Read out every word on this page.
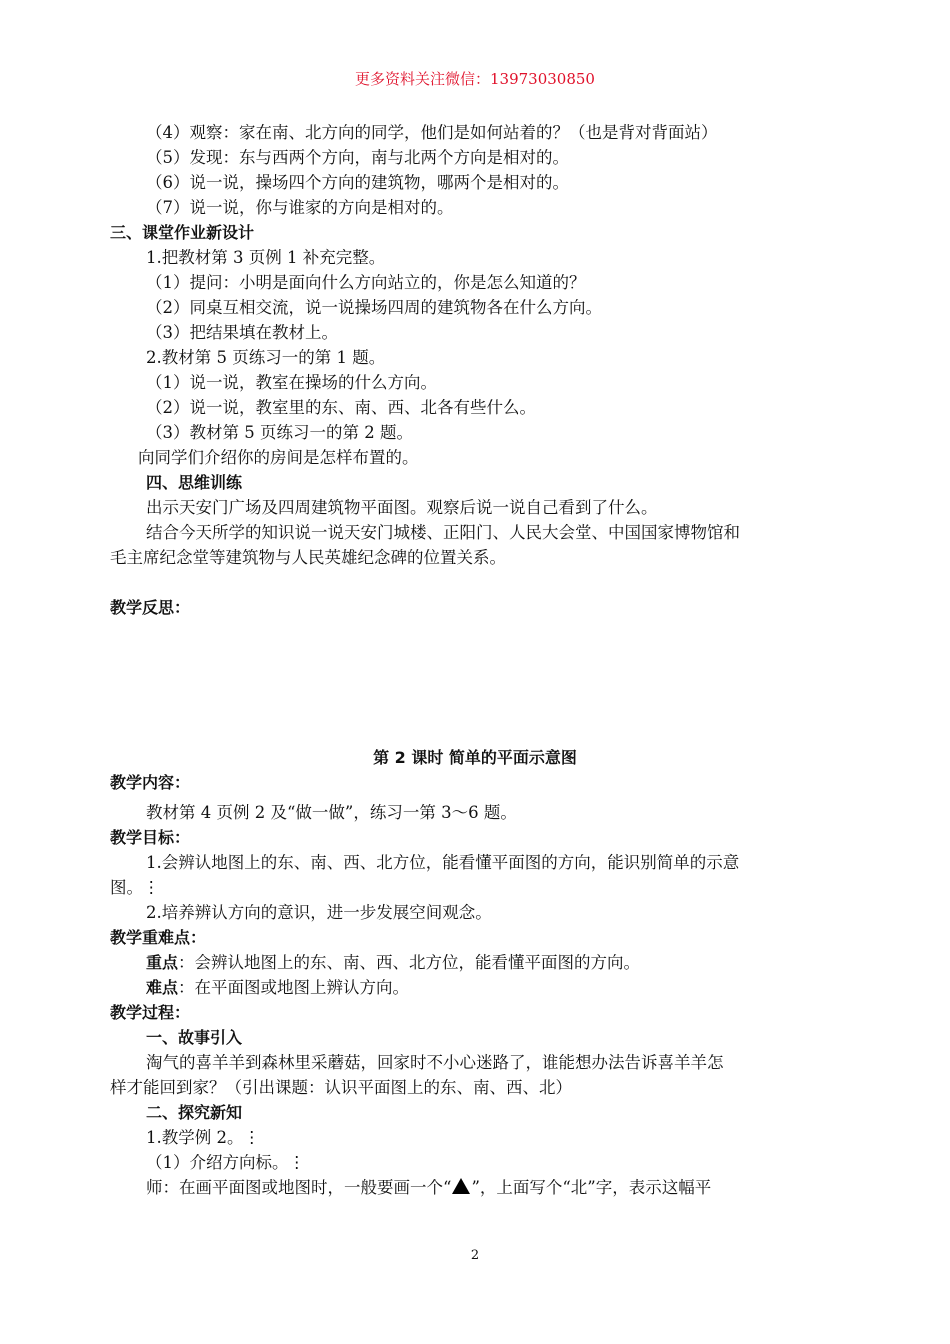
更多资料关注微信：13973030850
（4）观察：家在南、北方向的同学，他们是如何站着的？（也是背对背面站）
（5）发现：东与西两个方向，南与北两个方向是相对的。
（6）说一说，操场四个方向的建筑物，哪两个是相对的。
（7）说一说，你与谁家的方向是相对的。
三、课堂作业新设计
1.把教材第 3 页例 1 补充完整。
（1）提问：小明是面向什么方向站立的，你是怎么知道的？
（2）同桌互相交流，说一说操场四周的建筑物各在什么方向。
（3）把结果填在教材上。
2.教材第 5 页练习一的第 1 题。
（1）说一说，教室在操场的什么方向。
（2）说一说，教室里的东、南、西、北各有些什么。
（3）教材第 5 页练习一的第 2 题。
向同学们介绍你的房间是怎样布置的。
四、思维训练
出示天安门广场及四周建筑物平面图。观察后说一说自己看到了什么。
结合今天所学的知识说一说天安门城楼、正阳门、人民大会堂、中国国家博物馆和
毛主席纪念堂等建筑物与人民英雄纪念碑的位置关系。
教学反思：
第 2 课时 简单的平面示意图
教学内容：
教材第 4 页例 2 及“做一做”，练习一第 3～6 题。
教学目标：
1.会辨认地图上的东、南、西、北方位，能看懂平面图的方向，能识别简单的示意
图。⋮
2.培养辨认方向的意识，进一步发展空间观念。
教学重难点：
重点：会辨认地图上的东、南、西、北方位，能看懂平面图的方向。
难点：在平面图或地图上辨认方向。
教学过程：
一、故事引入
淘气的喜羊羊到森林里采蘑菇，回家时不小心迷路了，谁能想办法告诉喜羊羊怎
样才能回到家？（引出课题：认识平面图上的东、南、西、北）
二、探究新知
1.教学例 2。⋮
（1）介绍方向标。⋮
师：在画平面图或地图时，一般要画一个“ ”，上面写个“北”字，表示这幅平
2
